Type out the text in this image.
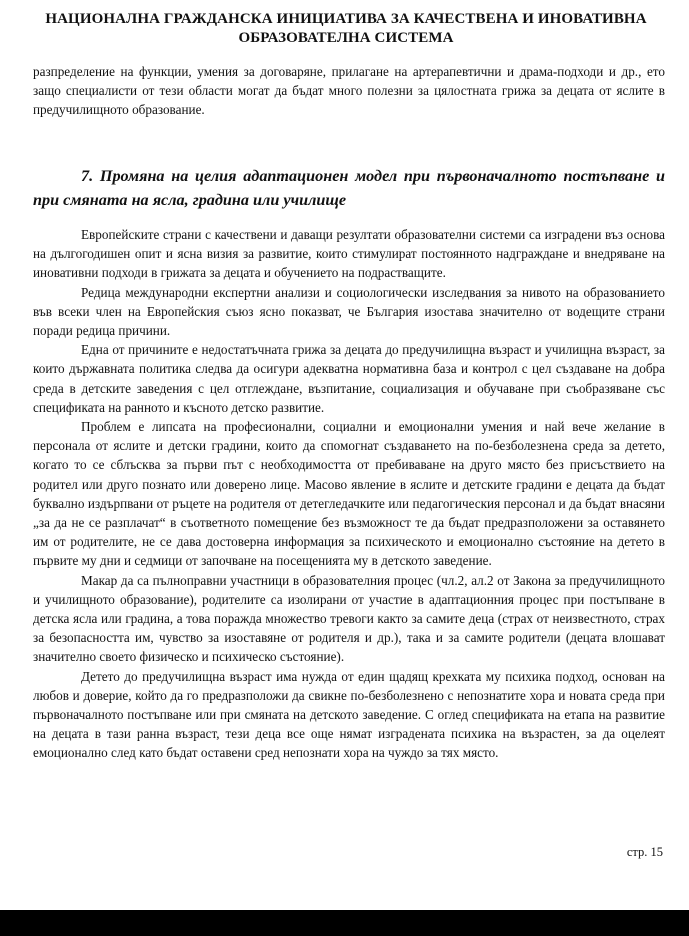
НАЦИОНАЛНА ГРАЖДАНСКА ИНИЦИАТИВА ЗА КАЧЕСТВЕНА И ИНОВАТИВНА
ОБРАЗОВАТЕЛНА СИСТЕМА

разпределение на функции, умения за договаряне, прилагане на артерапевтични и драма-подходи и др., ето защо специалисти от тези области могат да бъдат много полезни за цялостната грижа за децата от яслите в предучилищното образование.

7. Промяна на целия адаптационен модел при първоначалното постъпване и при смяната на ясла, градина или училище

Европейските страни с качествени и даващи резултати образователни системи са изградени въз основа на дългогодишен опит и ясна визия за развитие, които стимулират постоянното надграждане и внедряване на иновативни подходи в грижата за децата и обучението на подрастващите.

Редица международни експертни анализи и социологически изследвания за нивото на образованието във всеки член на Европейския съюз ясно показват, че България изостава значително от водещите страни поради редица причини.

Една от причините е недостатъчната грижа за децата до предучилищна възраст и училищна възраст, за които държавната политика следва да осигури адекватна нормативна база и контрол с цел създаване на добра среда в детските заведения с цел отглеждане, възпитание, социализация и обучаване при съобразяване със спецификата на ранното и късното детско развитие.

Проблем е липсата на професионални, социални и емоционални умения и най вече желание в персонала от яслите и детски градини, които да спомогнат създаването на по-безболезнена среда за детето, когато то се сблъсква за първи път с необходимостта от пребиваване на друго място без присъствието на родител или друго познато или доверено лице. Масово явление в яслите и детските градини е децата да бъдат буквално издърпвани от ръцете на родителя от детегледачките или педагогическия персонал и да бъдат внасяни „за да не се разплачат“ в съответното помещение без възможност те да бъдат предразположени за оставянето им от родителите, не се дава достоверна информация за психическото и емоционално състояние на детето в първите му дни и седмици от започване на посещенията му в детското заведение.

Макар да са пълноправни участници в образователния процес (чл.2, ал.2 от Закона за предучилищното и училищното образование), родителите са изолирани от участие в адаптационния процес при постъпване в детска ясла или градина, а това поражда множество тревоги както за самите деца (страх от неизвестното, страх за безопасността им, чувство за изоставяне от родителя и др.), така и за самите родители (децата влошават значително своето физическо и психическо състояние).

Детето до предучилищна възраст има нужда от един щадящ крехката му психика подход, основан на любов и доверие, който да го предразположи да свикне по-безболезнено с непознатите хора и новата среда при първоначалното постъпване или при смяната на детското заведение. С оглед спецификата на етапа на развитие на децата в тази ранна възраст, тези деца все още нямат изградената психика на възрастен, за да оцелеят емоционално след като бъдат оставени сред непознати хора на чуждо за тях място.

стр. 15
